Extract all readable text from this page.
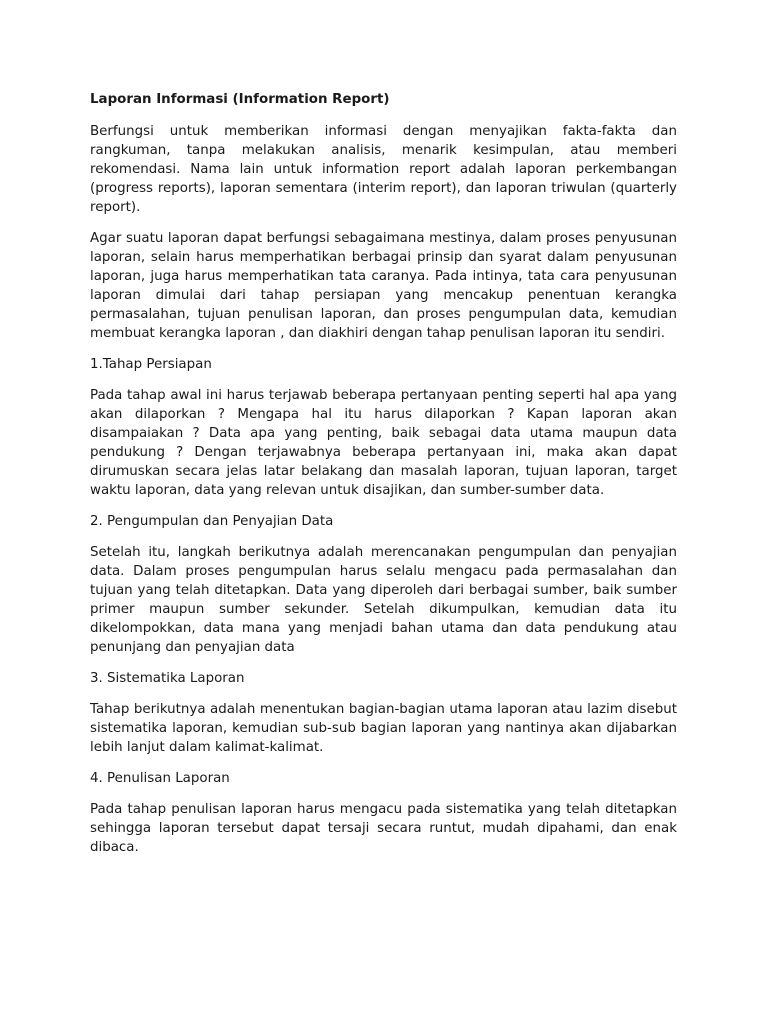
Laporan Informasi (Information Report)

Berfungsi untuk memberikan informasi dengan menyajikan fakta-fakta dan rangkuman, tanpa melakukan analisis, menarik kesimpulan, atau memberi rekomendasi. Nama lain untuk information report adalah laporan perkembangan (progress reports), laporan sementara (interim report), dan laporan triwulan (quarterly report).

Agar suatu laporan dapat berfungsi sebagaimana mestinya, dalam proses penyusunan laporan, selain harus memperhatikan berbagai prinsip dan syarat dalam penyusunan laporan, juga harus memperhatikan tata caranya. Pada intinya, tata cara penyusunan laporan dimulai dari tahap persiapan yang mencakup penentuan kerangka permasalahan, tujuan penulisan laporan, dan proses pengumpulan data, kemudian membuat kerangka laporan , dan diakhiri dengan tahap penulisan laporan itu sendiri.

1.Tahap Persiapan

Pada tahap awal ini harus terjawab beberapa pertanyaan penting seperti hal apa yang akan dilaporkan ? Mengapa hal itu harus dilaporkan ? Kapan laporan akan disampaiakan ? Data apa yang penting, baik sebagai data utama maupun data pendukung ? Dengan terjawabnya beberapa pertanyaan ini, maka akan dapat dirumuskan secara jelas latar belakang dan masalah laporan, tujuan laporan, target waktu laporan, data yang relevan untuk disajikan, dan sumber-sumber data.

2. Pengumpulan dan Penyajian Data

Setelah itu, langkah berikutnya adalah merencanakan pengumpulan dan penyajian data. Dalam proses pengumpulan harus selalu mengacu pada permasalahan dan tujuan yang telah ditetapkan. Data yang diperoleh dari berbagai sumber, baik sumber primer maupun sumber sekunder. Setelah dikumpulkan, kemudian data itu dikelompokkan, data mana yang menjadi bahan utama dan data pendukung atau penunjang dan penyajian data

3. Sistematika Laporan

Tahap berikutnya adalah menentukan bagian-bagian utama laporan atau lazim disebut sistematika laporan, kemudian sub-sub bagian laporan yang nantinya akan dijabarkan lebih lanjut dalam kalimat-kalimat.

4. Penulisan Laporan

Pada tahap penulisan laporan harus mengacu pada sistematika yang telah ditetapkan sehingga laporan tersebut dapat tersaji secara runtut, mudah dipahami, dan enak dibaca.
